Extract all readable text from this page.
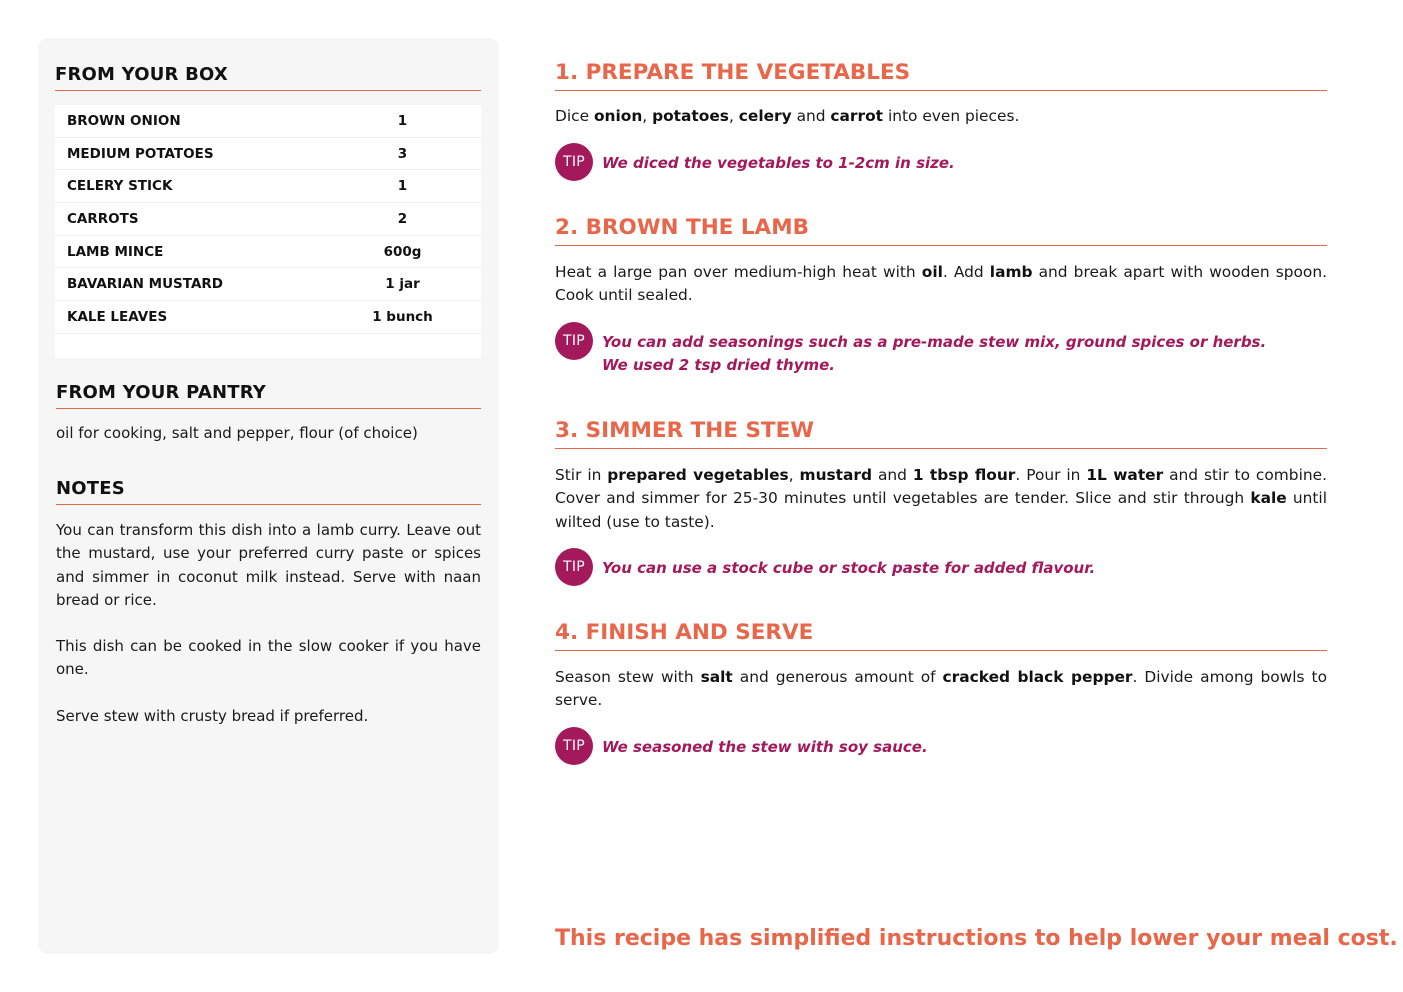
FROM YOUR BOX
BROWN ONION	1
MEDIUM POTATOES	3
CELERY STICK	1
CARROTS	2
LAMB MINCE	600g
BAVARIAN MUSTARD	1 jar
KALE LEAVES	1 bunch
FROM YOUR PANTRY
oil for cooking, salt and pepper, flour (of choice)
NOTES

You can transform this dish into a lamb curry. Leave out the mustard, use your preferred curry paste or spices and simmer in coconut milk instead. Serve with naan bread or rice.

This dish can be cooked in the slow cooker if you have one.

Serve stew with crusty bread if preferred.

1. PREPARE THE VEGETABLES
Dice onion, potatoes, celery and carrot into even pieces.
TIP	We diced the vegetables to 1-2cm in size.
2. BROWN THE LAMB
Heat a large pan over medium-high heat with oil. Add lamb and break apart with wooden spoon. Cook until sealed.
TIP	You can add seasonings such as a pre-made stew mix, ground spices or herbs.
We used 2 tsp dried thyme.
3. SIMMER THE STEW
Stir in prepared vegetables, mustard and 1 tbsp flour. Pour in 1L water and stir to combine. Cover and simmer for 25-30 minutes until vegetables are tender. Slice and stir through kale until wilted (use to taste).
TIP	You can use a stock cube or stock paste for added flavour.
4. FINISH AND SERVE
Season stew with salt and generous amount of cracked black pepper. Divide among bowls to serve.
TIP	We seasoned the stew with soy sauce.
This recipe has simplified instructions to help lower your meal cost.
